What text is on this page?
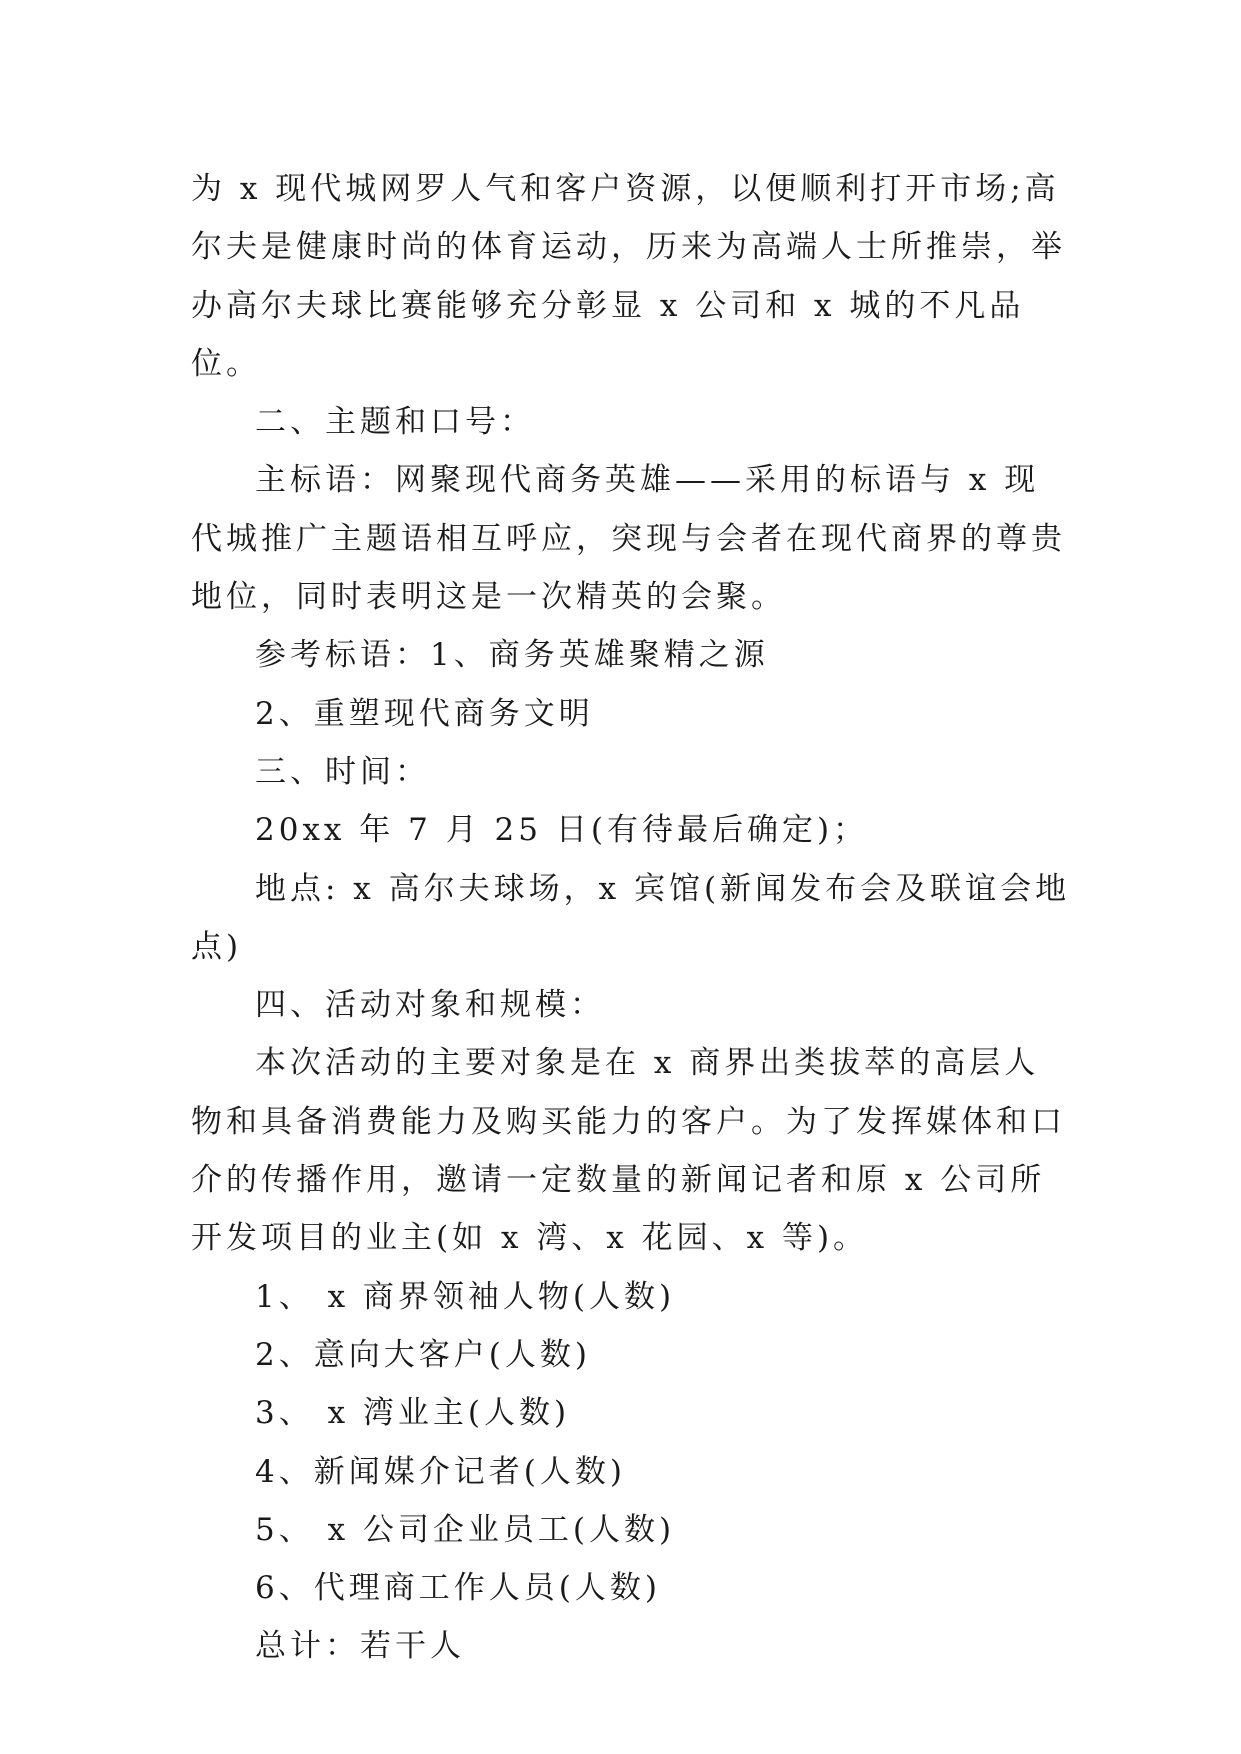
为 x 现代城网罗人气和客户资源，以便顺利打开市场;高尔夫是健康时尚的体育运动，历来为高端人士所推崇，举办高尔夫球比赛能够充分彰显 x 公司和 x 城的不凡品位。

二、主题和口号：

主标语：网聚现代商务英雄——采用的标语与 x 现代城推广主题语相互呼应，突现与会者在现代商界的尊贵地位，同时表明这是一次精英的会聚。

参考标语：1、商务英雄聚精之源

2、重塑现代商务文明

三、时间：

20xx 年 7 月 25 日(有待最后确定)；

地点: x 高尔夫球场，x 宾馆(新闻发布会及联谊会地点)

四、活动对象和规模：

本次活动的主要对象是在 x 商界出类拔萃的高层人物和具备消费能力及购买能力的客户。为了发挥媒体和口介的传播作用，邀请一定数量的新闻记者和原 x 公司所开发项目的业主(如 x 湾、x 花园、x 等)。

1、 x 商界领袖人物(人数)

2、意向大客户(人数)

3、 x 湾业主(人数)

4、新闻媒介记者(人数)

5、 x 公司企业员工(人数)

6、代理商工作人员(人数)

总计：若干人
